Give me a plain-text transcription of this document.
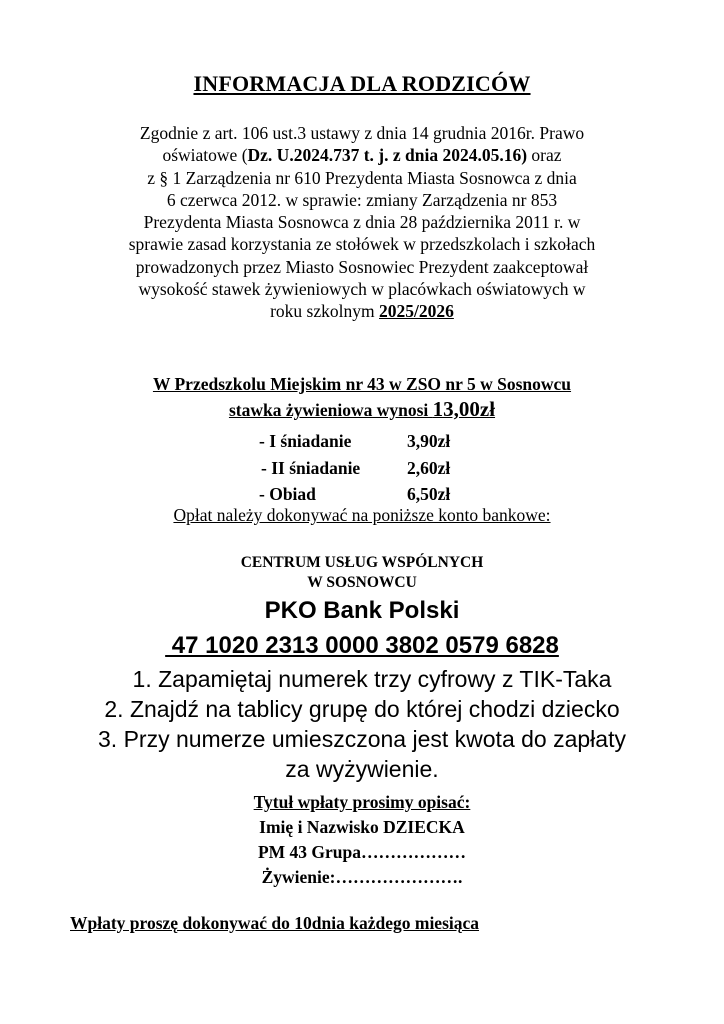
INFORMACJA DLA RODZICÓW
Zgodnie z art. 106 ust.3 ustawy z dnia 14 grudnia 2016r. Prawo
oświatowe (Dz. U.2024.737 t. j. z dnia 2024.05.16) oraz
z § 1 Zarządzenia nr 610 Prezydenta Miasta Sosnowca z dnia
6 czerwca 2012. w sprawie: zmiany Zarządzenia nr 853
Prezydenta Miasta Sosnowca z dnia 28 października 2011 r. w
sprawie zasad korzystania ze stołówek w przedszkolach i szkołach
prowadzonych przez Miasto Sosnowiec Prezydent zaakceptował
wysokość stawek żywieniowych w placówkach oświatowych w
roku szkolnym 2025/2026
W Przedszkolu Miejskim nr 43 w ZSO nr 5 w Sosnowcu
stawka żywieniowa wynosi 13,00zł
- I śniadanie	3,90zł
- II śniadanie	2,60zł
- Obiad	6,50zł
Opłat należy dokonywać na poniższe konto bankowe:
CENTRUM USŁUG WSPÓLNYCH
W SOSNOWCU
PKO Bank Polski
47 1020 2313 0000 3802 0579 6828
1. Zapamiętaj numerek trzy cyfrowy z TIK-Taka
2. Znajdź na tablicy grupę do której chodzi dziecko
3. Przy numerze umieszczona jest kwota do zapłaty
za wyżywienie.
Tytuł wpłaty prosimy opisać:
Imię i Nazwisko DZIECKA
PM 43 Grupa………………
Żywienie:………………….
Wpłaty proszę dokonywać do 10dnia każdego miesiąca
